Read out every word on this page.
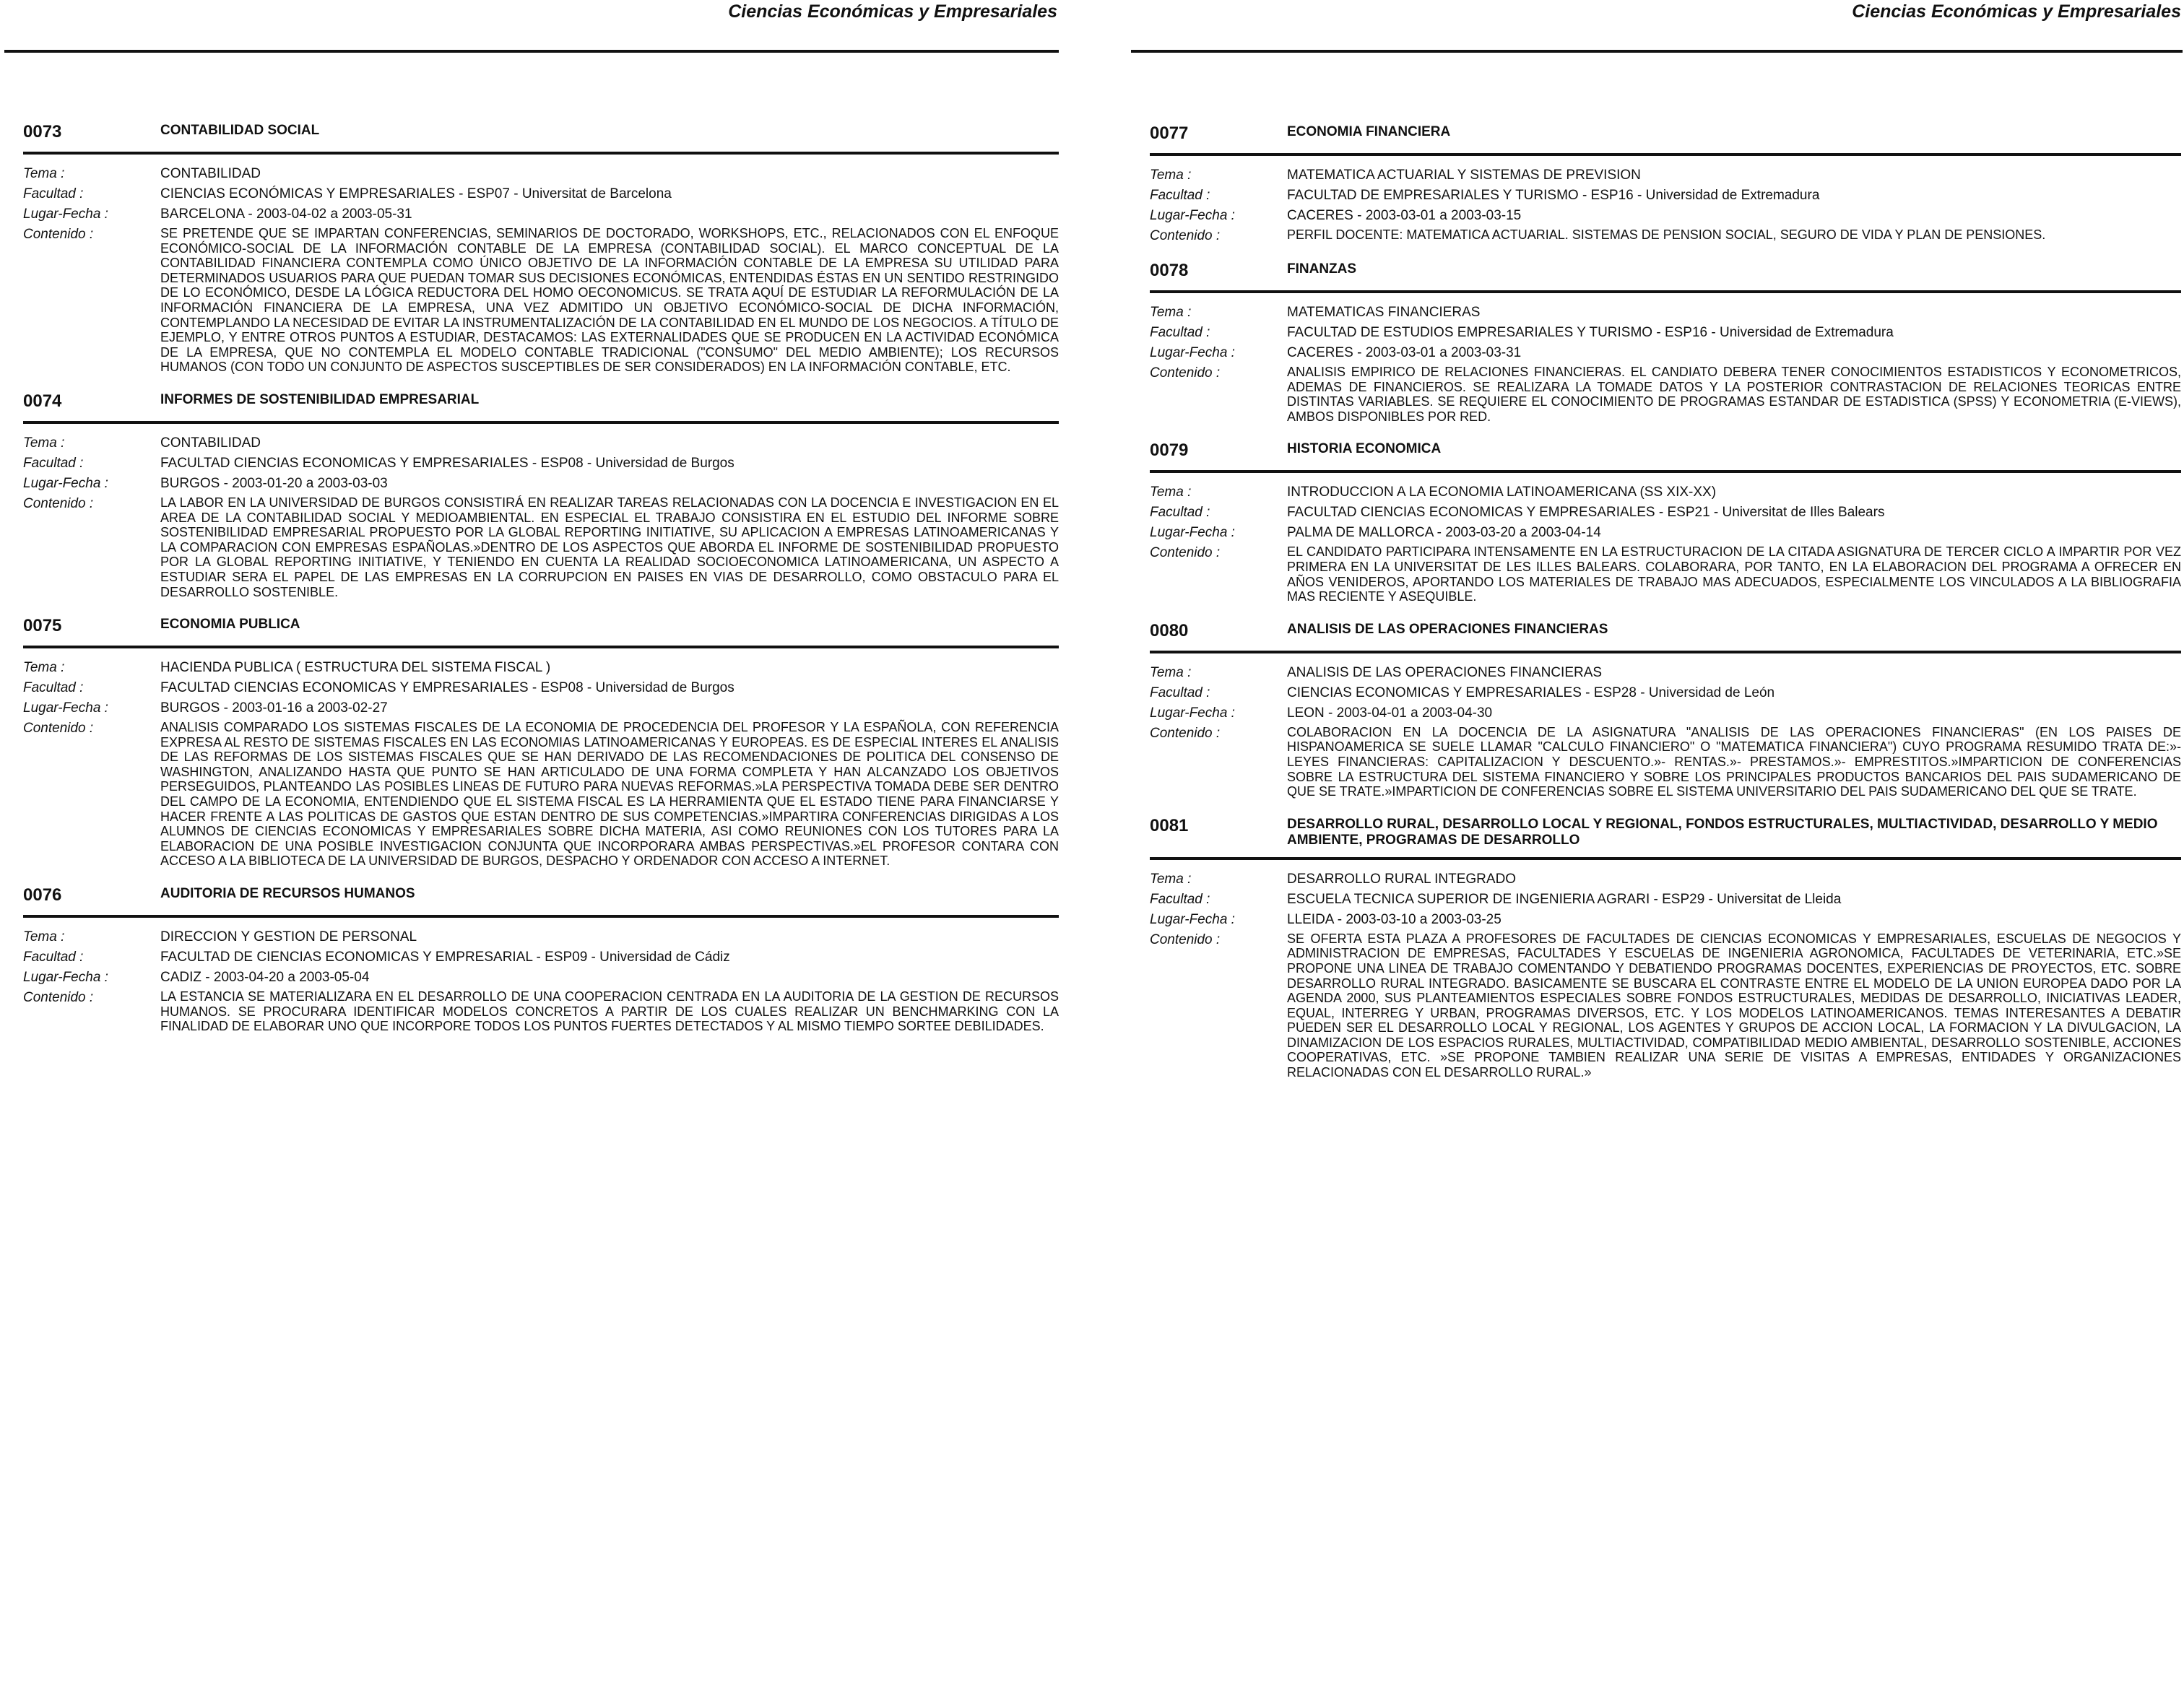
Ciencias Económicas y Empresariales
0073	CONTABILIDAD SOCIAL
Tema :	CONTABILIDAD
Facultad :	CIENCIAS ECONÓMICAS Y EMPRESARIALES - ESP07 - Universitat de Barcelona
Lugar-Fecha :	BARCELONA - 2003-04-02 a 2003-05-31
Contenido :	SE PRETENDE QUE SE IMPARTAN CONFERENCIAS, SEMINARIOS DE DOCTORADO, WORKSHOPS, ETC., RELACIONADOS CON EL ENFOQUE ECONÓMICO-SOCIAL DE LA INFORMACIÓN CONTABLE DE LA EMPRESA (CONTABILIDAD SOCIAL). EL MARCO CONCEPTUAL DE LA CONTABILIDAD FINANCIERA CONTEMPLA COMO ÚNICO OBJETIVO DE LA INFORMACIÓN CONTABLE DE LA EMPRESA SU UTILIDAD PARA DETERMINADOS USUARIOS PARA QUE PUEDAN TOMAR SUS DECISIONES ECONÓMICAS, ENTENDIDAS ÉSTAS EN UN SENTIDO RESTRINGIDO DE LO ECONÓMICO, DESDE LA LÓGICA REDUCTORA DEL HOMO OECONOMICUS. SE TRATA AQUÍ DE ESTUDIAR LA REFORMULACIÓN DE LA INFORMACIÓN FINANCIERA DE LA EMPRESA, UNA VEZ ADMITIDO UN OBJETIVO ECONÓMICO-SOCIAL DE DICHA INFORMACIÓN, CONTEMPLANDO LA NECESIDAD DE EVITAR LA INSTRUMENTALIZACIÓN DE LA CONTABILIDAD EN EL MUNDO DE LOS NEGOCIOS. A TÍTULO DE EJEMPLO, Y ENTRE OTROS PUNTOS A ESTUDIAR, DESTACAMOS: LAS EXTERNALIDADES QUE SE PRODUCEN EN LA ACTIVIDAD ECONÓMICA DE LA EMPRESA, QUE NO CONTEMPLA EL MODELO CONTABLE TRADICIONAL ("CONSUMO" DEL MEDIO AMBIENTE); LOS RECURSOS HUMANOS (CON TODO UN CONJUNTO DE ASPECTOS SUSCEPTIBLES DE SER CONSIDERADOS) EN LA INFORMACIÓN CONTABLE, ETC.
0074	INFORMES DE SOSTENIBILIDAD EMPRESARIAL
Tema :	CONTABILIDAD
Facultad :	FACULTAD CIENCIAS ECONOMICAS Y EMPRESARIALES - ESP08 - Universidad de Burgos
Lugar-Fecha :	BURGOS - 2003-01-20 a 2003-03-03
Contenido :	LA LABOR EN LA UNIVERSIDAD DE BURGOS CONSISTIRÁ EN REALIZAR TAREAS RELACIONADAS CON LA DOCENCIA E INVESTIGACION EN EL AREA DE LA CONTABILIDAD SOCIAL Y MEDIOAMBIENTAL. EN ESPECIAL EL TRABAJO CONSISTIRA EN EL ESTUDIO DEL INFORME SOBRE SOSTENIBILIDAD EMPRESARIAL PROPUESTO POR LA GLOBAL REPORTING INITIATIVE, SU APLICACION A EMPRESAS LATINOAMERICANAS Y LA COMPARACION CON EMPRESAS ESPAÑOLAS.»DENTRO DE LOS ASPECTOS QUE ABORDA EL INFORME DE SOSTENIBILIDAD PROPUESTO POR LA GLOBAL REPORTING INITIATIVE, Y TENIENDO EN CUENTA LA REALIDAD SOCIOECONOMICA LATINOAMERICANA, UN ASPECTO A ESTUDIAR SERA EL PAPEL DE LAS EMPRESAS EN LA CORRUPCION EN PAISES EN VIAS DE DESARROLLO, COMO OBSTACULO PARA EL DESARROLLO SOSTENIBLE.
0075	ECONOMIA PUBLICA
Tema :	HACIENDA PUBLICA ( ESTRUCTURA DEL SISTEMA FISCAL )
Facultad :	FACULTAD CIENCIAS ECONOMICAS Y EMPRESARIALES - ESP08 - Universidad de Burgos
Lugar-Fecha :	BURGOS - 2003-01-16 a 2003-02-27
Contenido :	ANALISIS COMPARADO LOS SISTEMAS FISCALES DE LA ECONOMIA DE PROCEDENCIA DEL PROFESOR Y LA ESPAÑOLA, CON REFERENCIA EXPRESA AL RESTO DE SISTEMAS FISCALES EN LAS ECONOMIAS LATINOAMERICANAS Y EUROPEAS. ES DE ESPECIAL INTERES EL ANALISIS DE LAS REFORMAS DE LOS SISTEMAS FISCALES QUE SE HAN DERIVADO DE LAS RECOMENDACIONES DE POLITICA DEL CONSENSO DE WASHINGTON, ANALIZANDO HASTA QUE PUNTO SE HAN ARTICULADO DE UNA FORMA COMPLETA Y HAN ALCANZADO LOS OBJETIVOS PERSEGUIDOS, PLANTEANDO LAS POSIBLES LINEAS DE FUTURO PARA NUEVAS REFORMAS.»LA PERSPECTIVA TOMADA DEBE SER DENTRO DEL CAMPO DE LA ECONOMIA, ENTENDIENDO QUE EL SISTEMA FISCAL ES LA HERRAMIENTA QUE EL ESTADO TIENE PARA FINANCIARSE Y HACER FRENTE A LAS POLITICAS DE GASTOS QUE ESTAN DENTRO DE SUS COMPETENCIAS.»IMPARTIRA CONFERENCIAS DIRIGIDAS A LOS ALUMNOS DE CIENCIAS ECONOMICAS Y EMPRESARIALES SOBRE DICHA MATERIA, ASI COMO REUNIONES CON LOS TUTORES PARA LA ELABORACION DE UNA POSIBLE INVESTIGACION CONJUNTA QUE INCORPORARA AMBAS PERSPECTIVAS.»EL PROFESOR CONTARA CON ACCESO A LA BIBLIOTECA DE LA UNIVERSIDAD DE BURGOS, DESPACHO Y ORDENADOR CON ACCESO A INTERNET.
0076	AUDITORIA DE RECURSOS HUMANOS
Tema :	DIRECCION Y GESTION DE PERSONAL
Facultad :	FACULTAD DE CIENCIAS ECONOMICAS Y EMPRESARIAL - ESP09 - Universidad de Cádiz
Lugar-Fecha :	CADIZ - 2003-04-20 a 2003-05-04
Contenido :	LA ESTANCIA SE MATERIALIZARA EN EL DESARROLLO DE UNA COOPERACION CENTRADA EN LA AUDITORIA DE LA GESTION DE RECURSOS HUMANOS. SE PROCURARA IDENTIFICAR MODELOS CONCRETOS A PARTIR DE LOS CUALES REALIZAR UN BENCHMARKING CON LA FINALIDAD DE ELABORAR UNO QUE INCORPORE TODOS LOS PUNTOS FUERTES DETECTADOS Y AL MISMO TIEMPO SORTEE DEBILIDADES.
Ciencias Económicas y Empresariales
0077	ECONOMIA FINANCIERA
Tema :	MATEMATICA ACTUARIAL Y SISTEMAS DE PREVISION
Facultad :	FACULTAD DE EMPRESARIALES Y TURISMO - ESP16 - Universidad de Extremadura
Lugar-Fecha :	CACERES - 2003-03-01 a 2003-03-15
Contenido :	PERFIL DOCENTE: MATEMATICA ACTUARIAL. SISTEMAS DE PENSION SOCIAL, SEGURO DE VIDA Y PLAN DE PENSIONES.
0078	FINANZAS
Tema :	MATEMATICAS FINANCIERAS
Facultad :	FACULTAD DE ESTUDIOS EMPRESARIALES Y TURISMO - ESP16 - Universidad de Extremadura
Lugar-Fecha :	CACERES - 2003-03-01 a 2003-03-31
Contenido :	ANALISIS EMPIRICO DE RELACIONES FINANCIERAS. EL CANDIATO DEBERA TENER CONOCIMIENTOS ESTADISTICOS Y ECONOMETRICOS, ADEMAS DE FINANCIEROS. SE REALIZARA LA TOMADE DATOS Y LA POSTERIOR CONTRASTACION DE RELACIONES TEORICAS ENTRE DISTINTAS VARIABLES. SE REQUIERE EL CONOCIMIENTO DE PROGRAMAS ESTANDAR DE ESTADISTICA (SPSS) Y ECONOMETRIA (E-VIEWS), AMBOS DISPONIBLES POR RED.
0079	HISTORIA ECONOMICA
Tema :	INTRODUCCION A LA ECONOMIA LATINOAMERICANA (SS XIX-XX)
Facultad :	FACULTAD CIENCIAS ECONOMICAS Y EMPRESARIALES - ESP21 - Universitat de Illes Balears
Lugar-Fecha :	PALMA DE MALLORCA - 2003-03-20 a 2003-04-14
Contenido :	EL CANDIDATO PARTICIPARA INTENSAMENTE EN LA ESTRUCTURACION DE LA CITADA ASIGNATURA DE TERCER CICLO A IMPARTIR POR VEZ PRIMERA EN LA UNIVERSITAT DE LES ILLES BALEARS. COLABORARA, POR TANTO, EN LA ELABORACION DEL PROGRAMA A OFRECER EN AÑOS VENIDEROS, APORTANDO LOS MATERIALES DE TRABAJO MAS ADECUADOS, ESPECIALMENTE LOS VINCULADOS A LA BIBLIOGRAFIA MAS RECIENTE Y ASEQUIBLE.
0080	ANALISIS DE LAS OPERACIONES FINANCIERAS
Tema :	ANALISIS DE LAS OPERACIONES FINANCIERAS
Facultad :	CIENCIAS ECONOMICAS Y EMPRESARIALES - ESP28 - Universidad de León
Lugar-Fecha :	LEON - 2003-04-01 a 2003-04-30
Contenido :	COLABORACION EN LA DOCENCIA DE LA ASIGNATURA "ANALISIS DE LAS OPERACIONES FINANCIERAS" (EN LOS PAISES DE HISPANOAMERICA SE SUELE LLAMAR "CALCULO FINANCIERO" O "MATEMATICA FINANCIERA") CUYO PROGRAMA RESUMIDO TRATA DE:»- LEYES FINANCIERAS: CAPITALIZACION Y DESCUENTO.»- RENTAS.»- PRESTAMOS.»- EMPRESTITOS.»IMPARTICION DE CONFERENCIAS SOBRE LA ESTRUCTURA DEL SISTEMA FINANCIERO Y SOBRE LOS PRINCIPALES PRODUCTOS BANCARIOS DEL PAIS SUDAMERICANO DE QUE SE TRATE.»IMPARTICION DE CONFERENCIAS SOBRE EL SISTEMA UNIVERSITARIO DEL PAIS SUDAMERICANO DEL QUE SE TRATE.
0081	DESARROLLO RURAL, DESARROLLO LOCAL Y REGIONAL, FONDOS ESTRUCTURALES, MULTIACTIVIDAD, DESARROLLO Y MEDIO AMBIENTE, PROGRAMAS DE DESARROLLO
Tema :	DESARROLLO RURAL INTEGRADO
Facultad :	ESCUELA TECNICA SUPERIOR DE INGENIERIA AGRARI - ESP29 - Universitat de Lleida
Lugar-Fecha :	LLEIDA - 2003-03-10 a 2003-03-25
Contenido :	SE OFERTA ESTA PLAZA A PROFESORES DE FACULTADES DE CIENCIAS ECONOMICAS Y EMPRESARIALES, ESCUELAS DE NEGOCIOS Y ADMINISTRACION DE EMPRESAS, FACULTADES Y ESCUELAS DE INGENIERIA AGRONOMICA, FACULTADES DE VETERINARIA, ETC.»SE PROPONE UNA LINEA DE TRABAJO COMENTANDO Y DEBATIENDO PROGRAMAS DOCENTES, EXPERIENCIAS DE PROYECTOS, ETC. SOBRE DESARROLLO RURAL INTEGRADO. BASICAMENTE SE BUSCARA EL CONTRASTE ENTRE EL MODELO DE LA UNION EUROPEA DADO POR LA AGENDA 2000, SUS PLANTEAMIENTOS ESPECIALES SOBRE FONDOS ESTRUCTURALES, MEDIDAS DE DESARROLLO, INICIATIVAS LEADER, EQUAL, INTERREG Y URBAN, PROGRAMAS DIVERSOS, ETC. Y LOS MODELOS LATINOAMERICANOS. TEMAS INTERESANTES A DEBATIR PUEDEN SER EL DESARROLLO LOCAL Y REGIONAL, LOS AGENTES Y GRUPOS DE ACCION LOCAL, LA FORMACION Y LA DIVULGACION, LA DINAMIZACION DE LOS ESPACIOS RURALES, MULTIACTIVIDAD, COMPATIBILIDAD MEDIO AMBIENTAL, DESARROLLO SOSTENIBLE, ACCIONES COOPERATIVAS, ETC. »SE PROPONE TAMBIEN REALIZAR UNA SERIE DE VISITAS A EMPRESAS, ENTIDADES Y ORGANIZACIONES RELACIONADAS CON EL DESARROLLO RURAL.»
